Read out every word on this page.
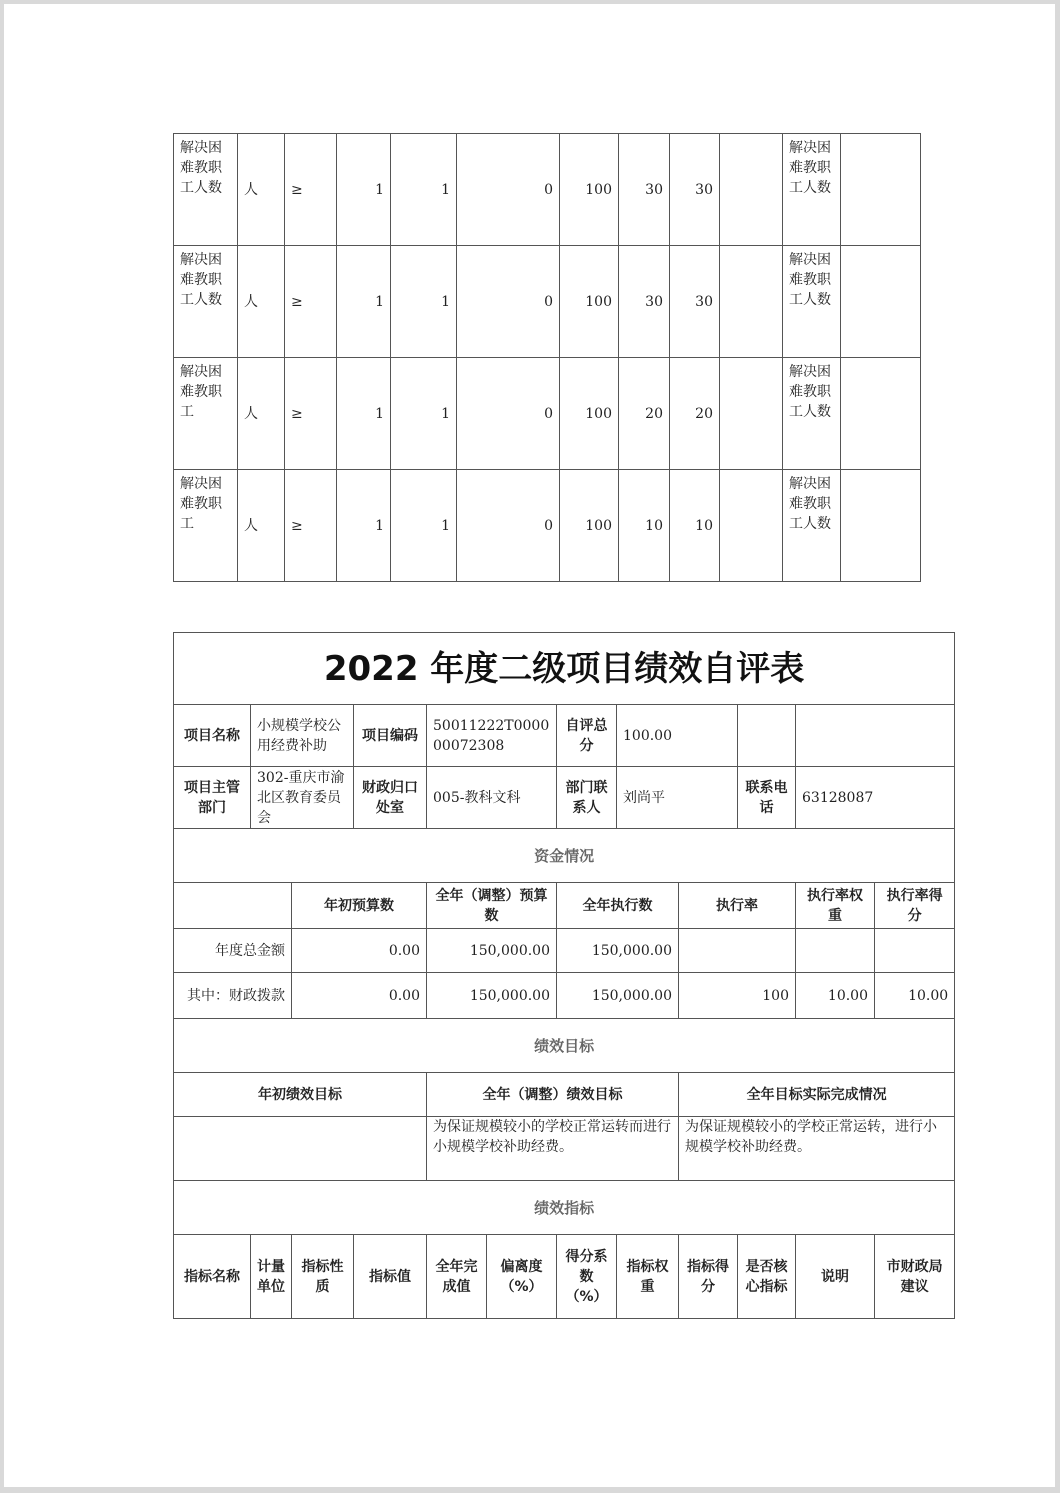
解决困难教职工人数	人	≥	1	1	0	100	30	30		解决困难教职工人数	
解决困难教职工人数	人	≥	1	1	0	100	30	30		解决困难教职工人数	
解决困难教职工	人	≥	1	1	0	100	20	20		解决困难教职工人数	
解决困难教职工	人	≥	1	1	0	100	10	10		解决困难教职工人数	
2022 年度二级项目绩效自评表											
项目名称	小规模学校公用经费补助		项目编码	50011222T000000072308		自评总分	100.00				
项目主管部门	302-重庆市渝北区教育委员会		财政归口处室	005-教科文科		部门联系人	刘尚平		联系电话	63128087	
资金情况											
		年初预算数		全年（调整）预算数		全年执行数		执行率		执行率权重	执行率得分
年度总金额		0.00		150,000.00		150,000.00					
其中：财政拨款		0.00		150,000.00		150,000.00		100		10.00	10.00
绩效目标											
年初绩效目标				全年（调整）绩效目标				全年目标实际完成情况			
				为保证规模较小的学校正常运转而进行小规模学校补助经费。				为保证规模较小的学校正常运转，进行小规模学校补助经费。			
绩效指标											
指标名称	计量单位	指标性质	指标值	全年完成值	偏离度（%）	得分系数（%）	指标权重	指标得分	是否核心指标	说明	市财政局建议
